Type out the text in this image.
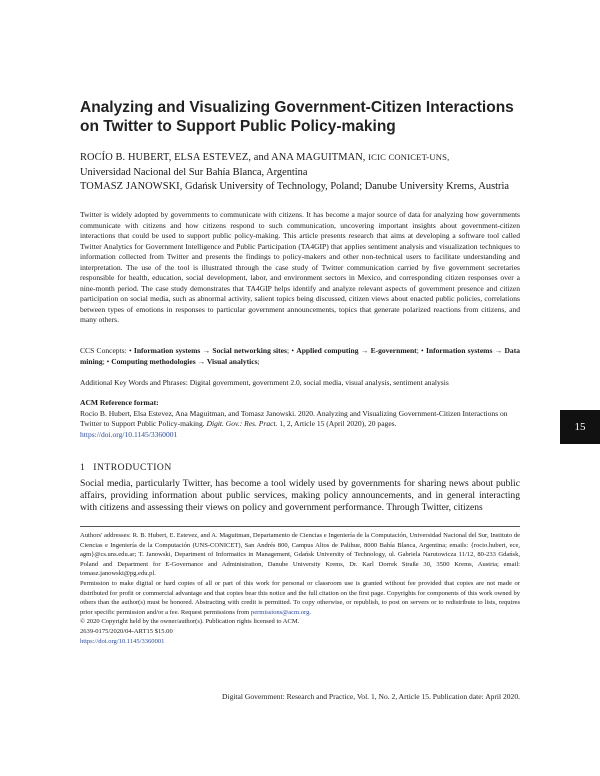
Analyzing and Visualizing Government-Citizen Interactions on Twitter to Support Public Policy-making
ROCÍO B. HUBERT, ELSA ESTEVEZ, and ANA MAGUITMAN, ICIC CONICET-UNS,
Universidad Nacional del Sur Bahía Blanca, Argentina
TOMASZ JANOWSKI, Gdańsk University of Technology, Poland; Danube University Krems, Austria

Twitter is widely adopted by governments to communicate with citizens. It has become a major source of data for analyzing how governments communicate with citizens and how citizens respond to such communication, uncovering important insights about government-citizen interactions that could be used to support public policy-making. This article presents research that aims at developing a software tool called Twitter Analytics for Government Intelligence and Public Participation (TA4GIP) that applies sentiment analysis and visualization techniques to information collected from Twitter and presents the findings to policy-makers and other non-technical users to facilitate understanding and interpretation. The use of the tool is illustrated through the case study of Twitter communication carried by five government secretaries responsible for health, education, social development, labor, and environment sectors in Mexico, and corresponding citizen responses over a nine-month period. The case study demonstrates that TA4GIP helps identify and analyze relevant aspects of government presence and citizen participation on social media, such as abnormal activity, salient topics being discussed, citizen views about enacted public policies, correlations between types of emotions in responses to particular government announcements, topics that generate polarized reactions from citizens, and many others.

CCS Concepts: • Information systems → Social networking sites; • Applied computing → E-government; • Information systems → Data mining; • Computing methodologies → Visual analytics;
Additional Key Words and Phrases: Digital government, government 2.0, social media, visual analysis, sentiment analysis
ACM Reference format:
Rocío B. Hubert, Elsa Estevez, Ana Maguitman, and Tomasz Janowski. 2020. Analyzing and Visualizing Government-Citizen Interactions on Twitter to Support Public Policy-making. Digit. Gov.: Res. Pract. 1, 2, Article 15 (April 2020), 20 pages.
https://doi.org/10.1145/3360001
1 INTRODUCTION

Social media, particularly Twitter, has become a tool widely used by governments for sharing news about public affairs, providing information about public services, making policy announcements, and in general interacting with citizens and assessing their views on policy and government performance. Through Twitter, citizens

Authors' addresses: R. B. Hubert, E. Estevez, and A. Maguitman, Departamento de Ciencias e Ingeniería de la Computación, Universidad Nacional del Sur, Instituto de Ciencias e Ingeniería de la Computación (UNS-CONICET), San Andrés 800, Campus Altos de Palihue, 8000 Bahía Blanca, Argentina; emails: {rocio.hubert, ece, agm}@cs.uns.edu.ar; T. Janowski, Department of Informatics in Management, Gdańsk University of Technology, ul. Gabriela Narutowicza 11/12, 80-233 Gdańsk, Poland and Department for E-Governance and Administration, Danube University Krems, Dr. Karl Dorrek Straße 30, 3500 Krems, Austria; email: tomasz.janowski@pg.edu.pl.

Permission to make digital or hard copies of all or part of this work for personal or classroom use is granted without fee provided that copies are not made or distributed for profit or commercial advantage and that copies bear this notice and the full citation on the first page. Copyrights for components of this work owned by others than the author(s) must be honored. Abstracting with credit is permitted. To copy otherwise, or republish, to post on servers or to redistribute to lists, requires prior specific permission and/or a fee. Request permissions from permissions@acm.org.

© 2020 Copyright held by the owner/author(s). Publication rights licensed to ACM.

2639-0175/2020/04-ART15 $15.00

https://doi.org/10.1145/3360001

Digital Government: Research and Practice, Vol. 1, No. 2, Article 15. Publication date: April 2020.
15
